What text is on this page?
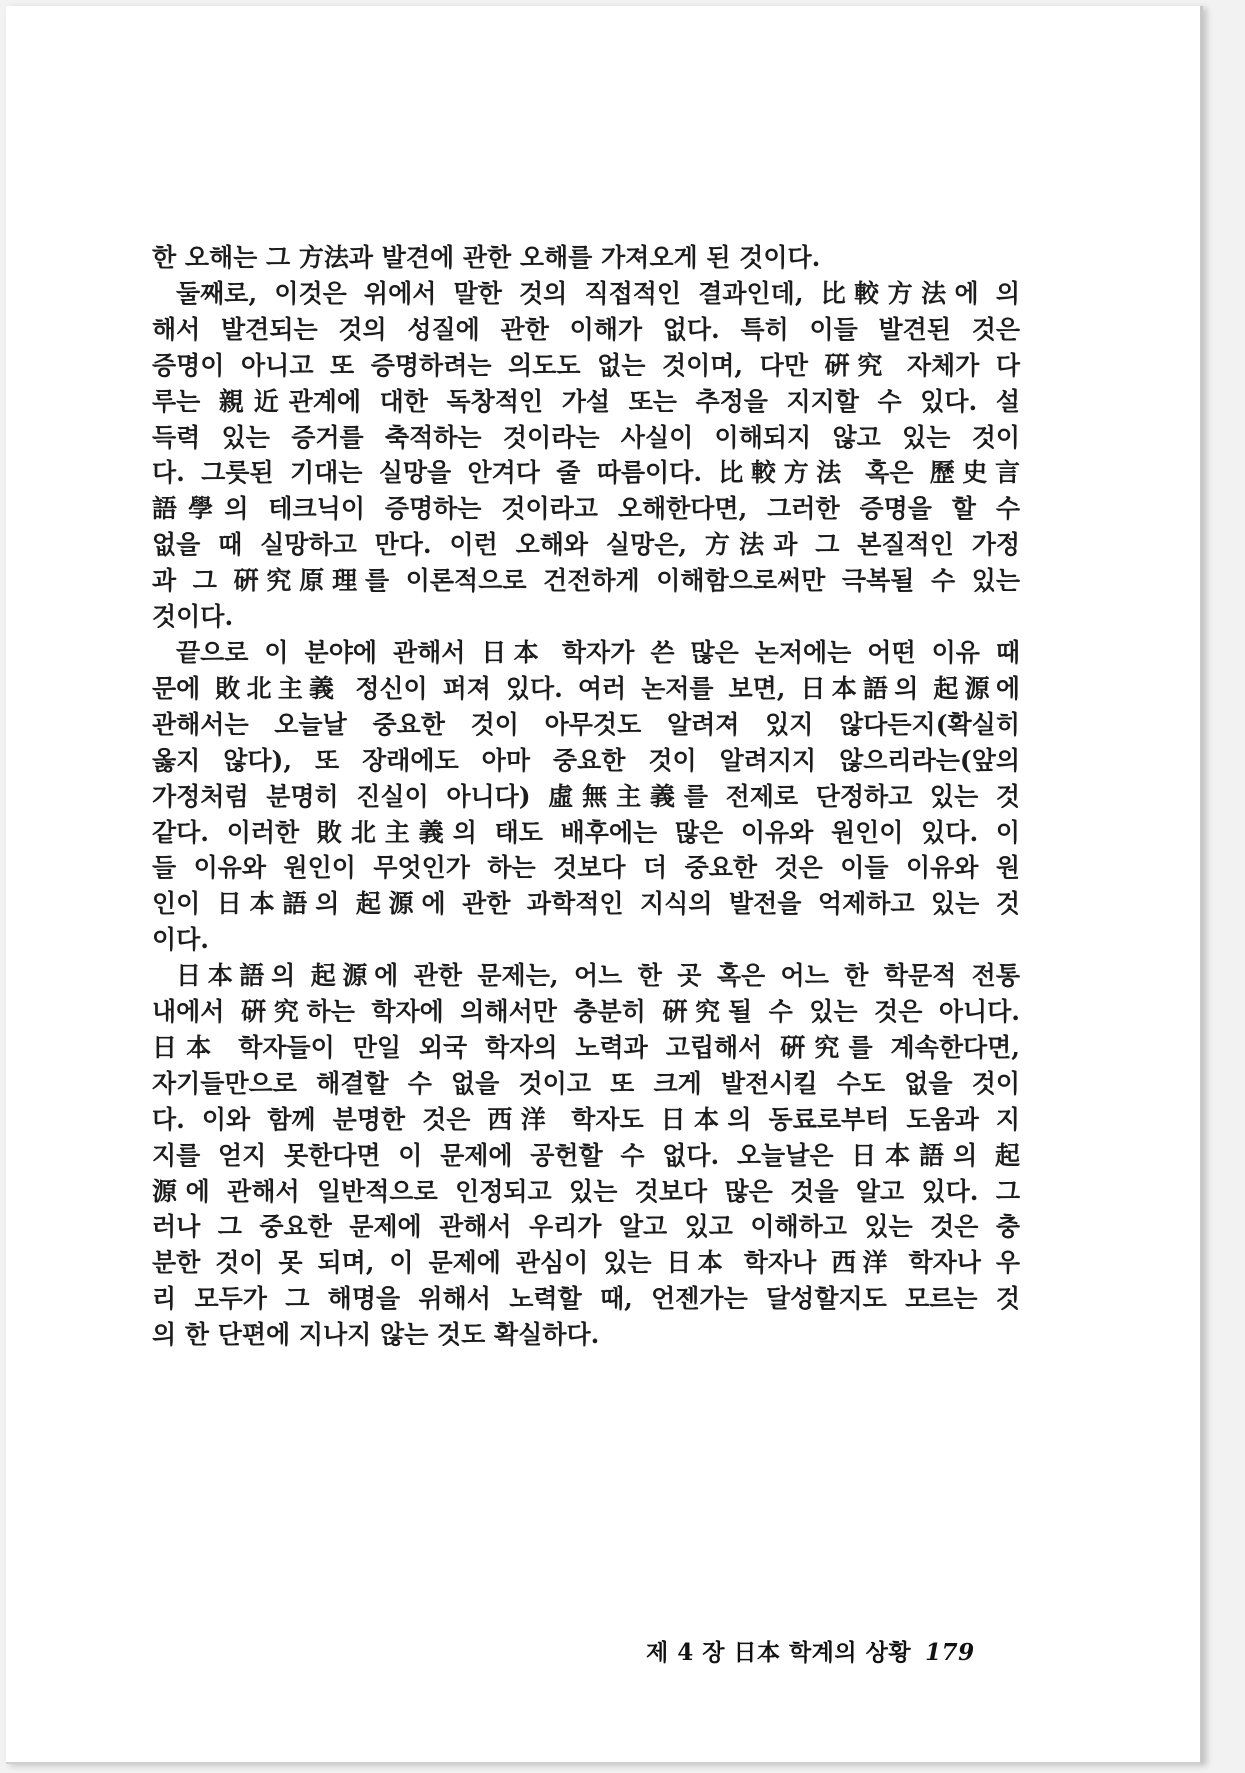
한 오해는 그 方法과 발견에 관한 오해를 가져오게 된 것이다.
둘째로, 이것은 위에서 말한 것의 직접적인 결과인데, 比較方法에 의
해서 발견되는 것의 성질에 관한 이해가 없다. 특히 이들 발견된 것은
증명이 아니고 또 증명하려는 의도도 없는 것이며, 다만 硏究 자체가 다
루는 親近관계에 대한 독창적인 가설 또는 추정을 지지할 수 있다. 설
득력 있는 증거를 축적하는 것이라는 사실이 이해되지 않고 있는 것이
다. 그릇된 기대는 실망을 안겨다 줄 따름이다. 比較方法 혹은 歷史言
語學의 테크닉이 증명하는 것이라고 오해한다면, 그러한 증명을 할 수
없을 때 실망하고 만다. 이런 오해와 실망은, 方法과 그 본질적인 가정
과 그 硏究原理를 이론적으로 건전하게 이해함으로써만 극복될 수 있는
것이다.
끝으로 이 분야에 관해서 日本 학자가 쓴 많은 논저에는 어떤 이유 때
문에 敗北主義 정신이 퍼져 있다. 여러 논저를 보면, 日本語의 起源에
관해서는 오늘날 중요한 것이 아무것도 알려져 있지 않다든지(확실히
옳지 않다), 또 장래에도 아마 중요한 것이 알려지지 않으리라는(앞의
가정처럼 분명히 진실이 아니다) 虛無主義를 전제로 단정하고 있는 것
같다. 이러한 敗北主義의 태도 배후에는 많은 이유와 원인이 있다. 이
들 이유와 원인이 무엇인가 하는 것보다 더 중요한 것은 이들 이유와 원
인이 日本語의 起源에 관한 과학적인 지식의 발전을 억제하고 있는 것
이다.
日本語의 起源에 관한 문제는, 어느 한 곳 혹은 어느 한 학문적 전통
내에서 硏究하는 학자에 의해서만 충분히 硏究될 수 있는 것은 아니다.
日本 학자들이 만일 외국 학자의 노력과 고립해서 硏究를 계속한다면,
자기들만으로 해결할 수 없을 것이고 또 크게 발전시킬 수도 없을 것이
다. 이와 함께 분명한 것은 西洋 학자도 日本의 동료로부터 도움과 지
지를 얻지 못한다면 이 문제에 공헌할 수 없다. 오늘날은 日本語의 起
源에 관해서 일반적으로 인정되고 있는 것보다 많은 것을 알고 있다. 그
러나 그 중요한 문제에 관해서 우리가 알고 있고 이해하고 있는 것은 충
분한 것이 못 되며, 이 문제에 관심이 있는 日本 학자나 西洋 학자나 우
리 모두가 그 해명을 위해서 노력할 때, 언젠가는 달성할지도 모르는 것
의 한 단편에 지나지 않는 것도 확실하다.
제 4 장 日本 학계의 상황 179
